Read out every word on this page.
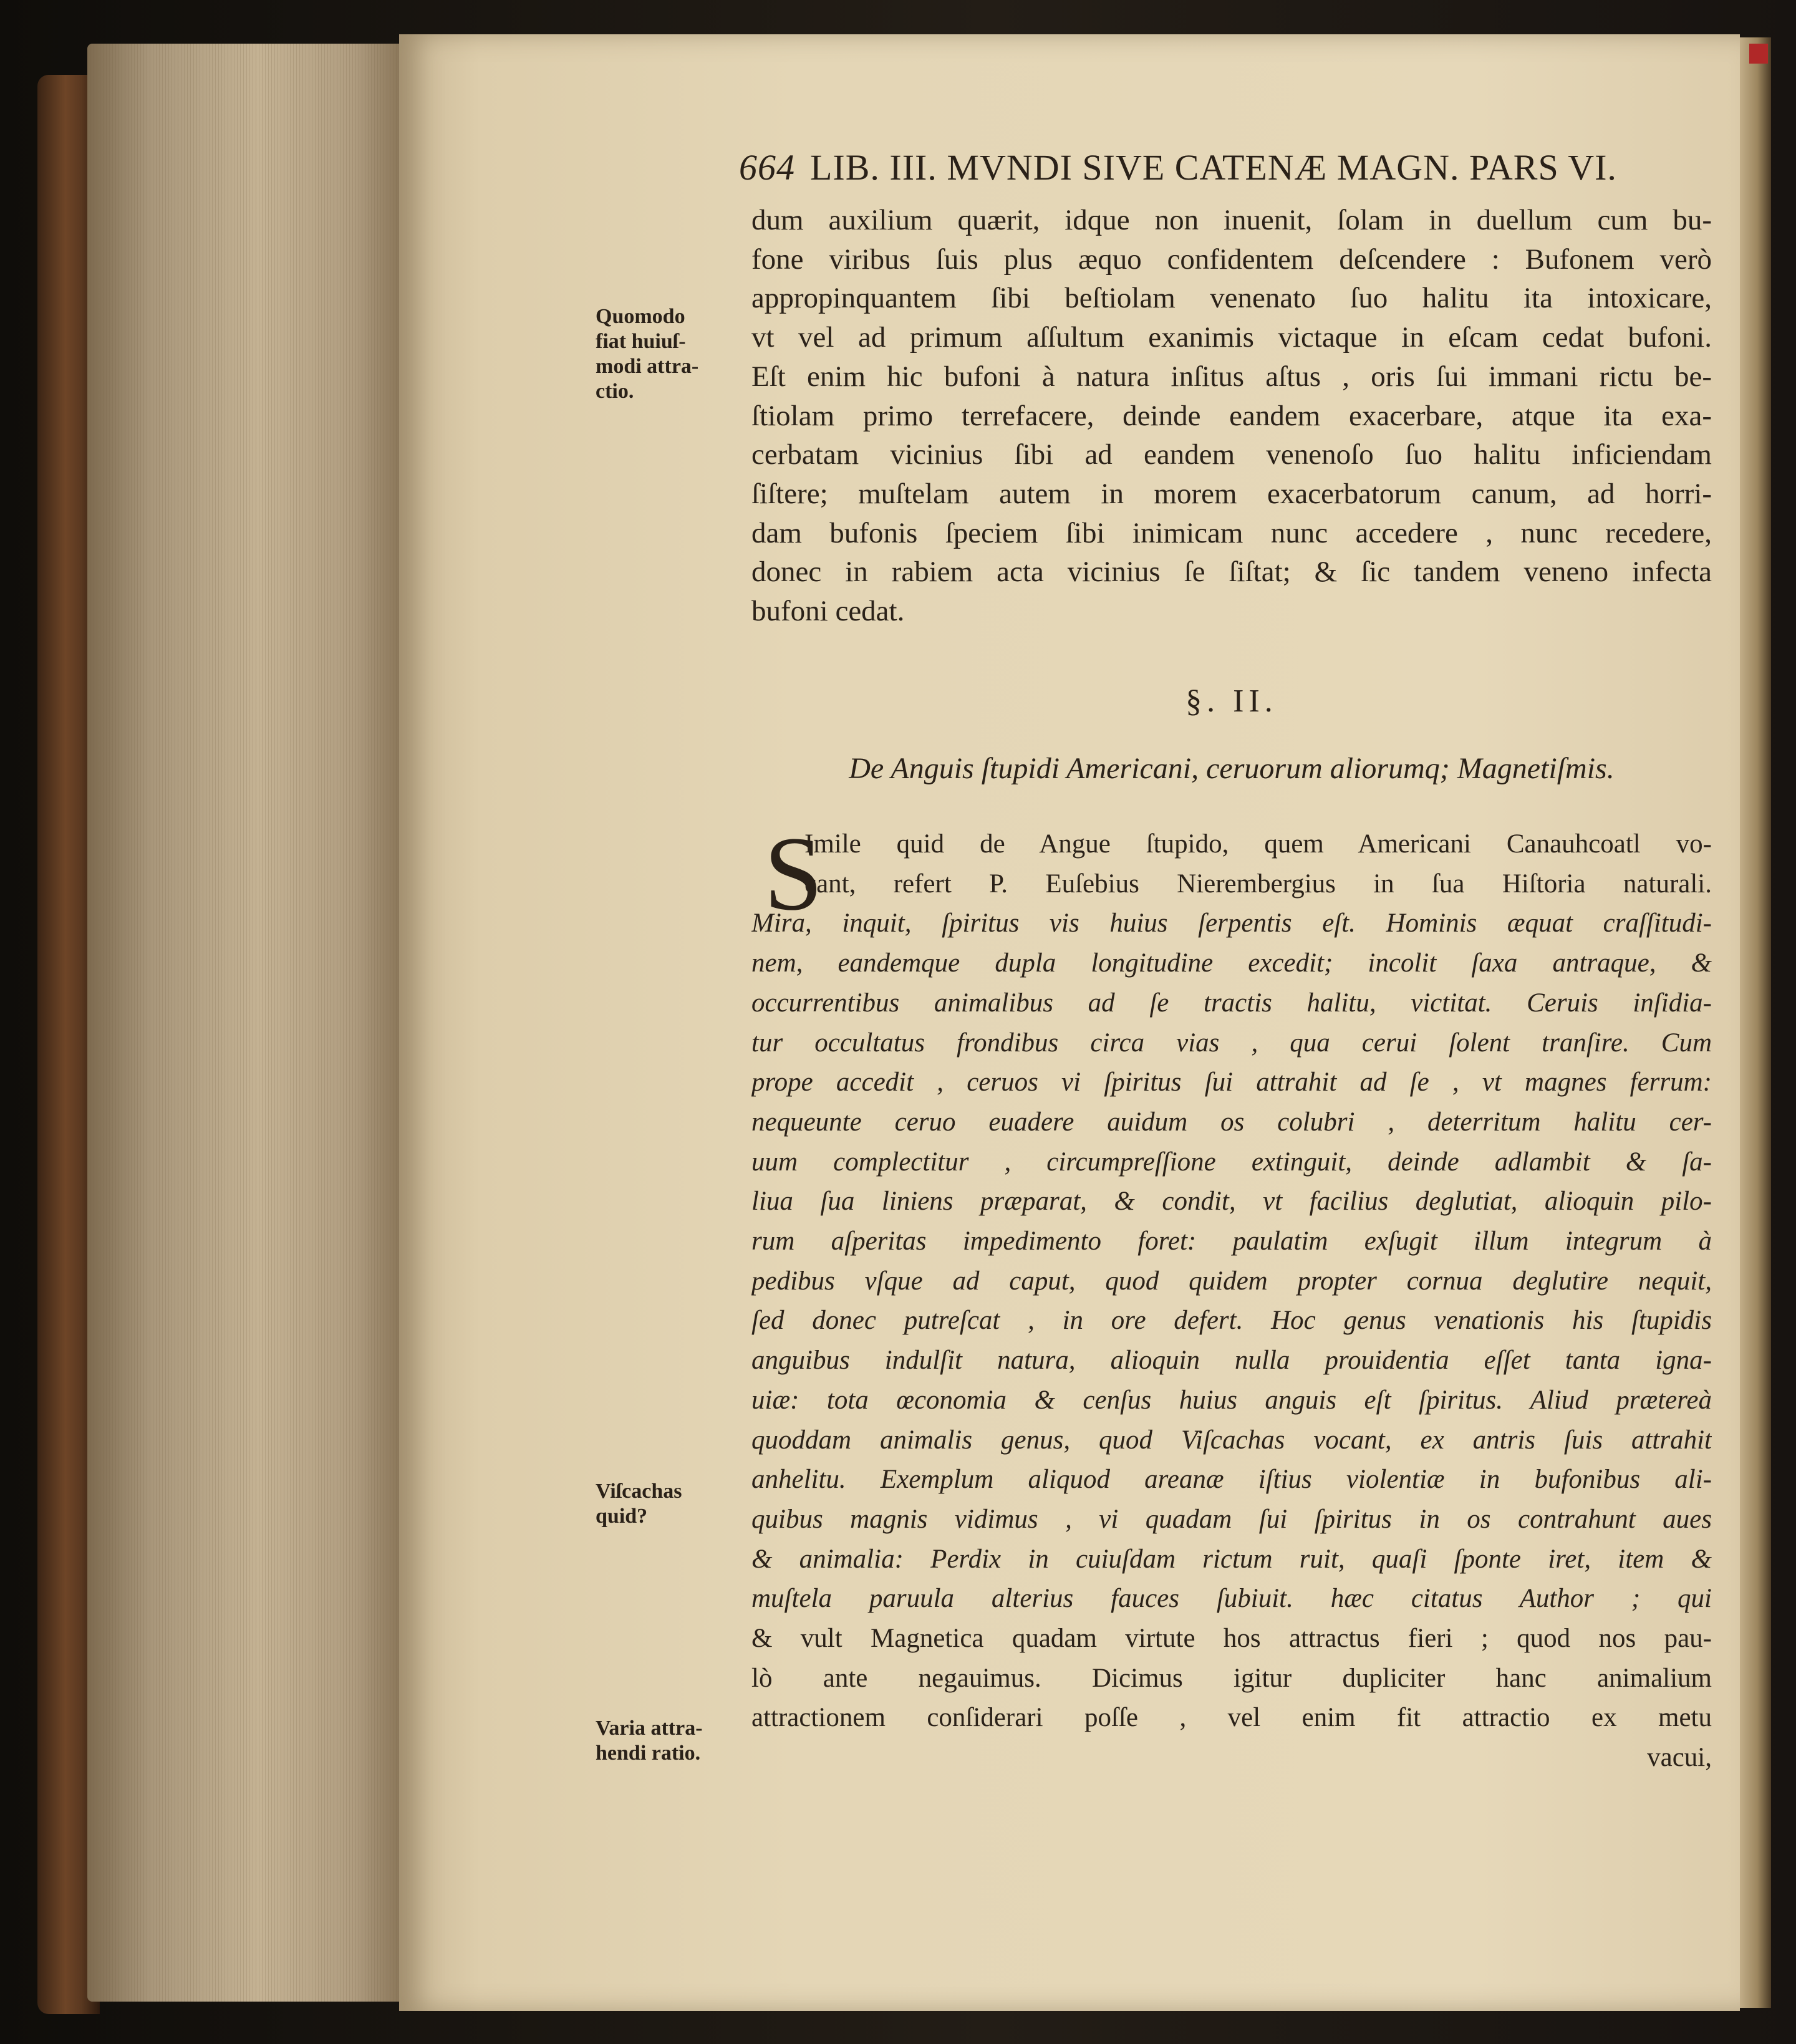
664 LIB. III. MVNDI SIVE CATENÆ MAGN. PARS VI.
Quomodo
fiat huiuſ-
modi attra-
ctio.
Viſcachas
quid?
Varia attra-
hendi ratio.
dum auxilium quærit, idque non inuenit, ſolam in duellum cum bu-
fone viribus ſuis plus æquo confidentem deſcendere : Bufonem verò
appropinquantem ſibi beſtiolam venenato ſuo halitu ita intoxicare,
vt vel ad primum aſſultum exanimis victaque in eſcam cedat bufoni.
Eſt enim hic bufoni à natura inſitus aſtus , oris ſui immani rictu be-
ſtiolam primo terrefacere, deinde eandem exacerbare, atque ita exa-
cerbatam vicinius ſibi ad eandem venenoſo ſuo halitu inficiendam
ſiſtere; muſtelam autem in morem exacerbatorum canum, ad horri-
dam bufonis ſpeciem ſibi inimicam nunc accedere , nunc recedere,
donec in rabiem acta vicinius ſe ſiſtat; & ſic tandem veneno infecta
bufoni cedat.
§. II.
De Anguis ſtupidi Americani, ceruorum aliorumq; Magnetiſmis.
S
Imile quid de Angue ſtupido, quem Americani Canauhcoatl vo-
cant, refert P. Euſebius Nierembergius in ſua Hiſtoria naturali.
Mira, inquit, ſpiritus vis huius ſerpentis eſt. Hominis æquat craſſitudi-
nem, eandemque dupla longitudine excedit; incolit ſaxa antraque, &
occurrentibus animalibus ad ſe tractis halitu, victitat. Ceruis inſidia-
tur occultatus frondibus circa vias , qua cerui ſolent tranſire. Cum
prope accedit , ceruos vi ſpiritus ſui attrahit ad ſe , vt magnes ferrum:
nequeunte ceruo euadere auidum os colubri , deterritum halitu cer-
uum complectitur , circumpreſſione extinguit, deinde adlambit & ſa-
liua ſua liniens præparat, & condit, vt facilius deglutiat, alioquin pilo-
rum aſperitas impedimento foret: paulatim exſugit illum integrum à
pedibus vſque ad caput, quod quidem propter cornua deglutire nequit,
ſed donec putreſcat , in ore defert. Hoc genus venationis his ſtupidis
anguibus indulſit natura, alioquin nulla prouidentia eſſet tanta igna-
uiæ: tota œconomia & cenſus huius anguis eſt ſpiritus. Aliud prætereà
quoddam animalis genus, quod Viſcachas vocant, ex antris ſuis attrahit
anhelitu. Exemplum aliquod areanæ iſtius violentiæ in bufonibus ali-
quibus magnis vidimus , vi quadam ſui ſpiritus in os contrahunt aues
& animalia: Perdix in cuiuſdam rictum ruit, quaſi ſponte iret, item &
muſtela paruula alterius fauces ſubiuit. hæc citatus Author ; qui
& vult Magnetica quadam virtute hos attractus fieri ; quod nos pau-
lò ante negauimus. Dicimus igitur dupliciter hanc animalium
attractionem conſiderari poſſe , vel enim fit attractio ex metu
vacui,
